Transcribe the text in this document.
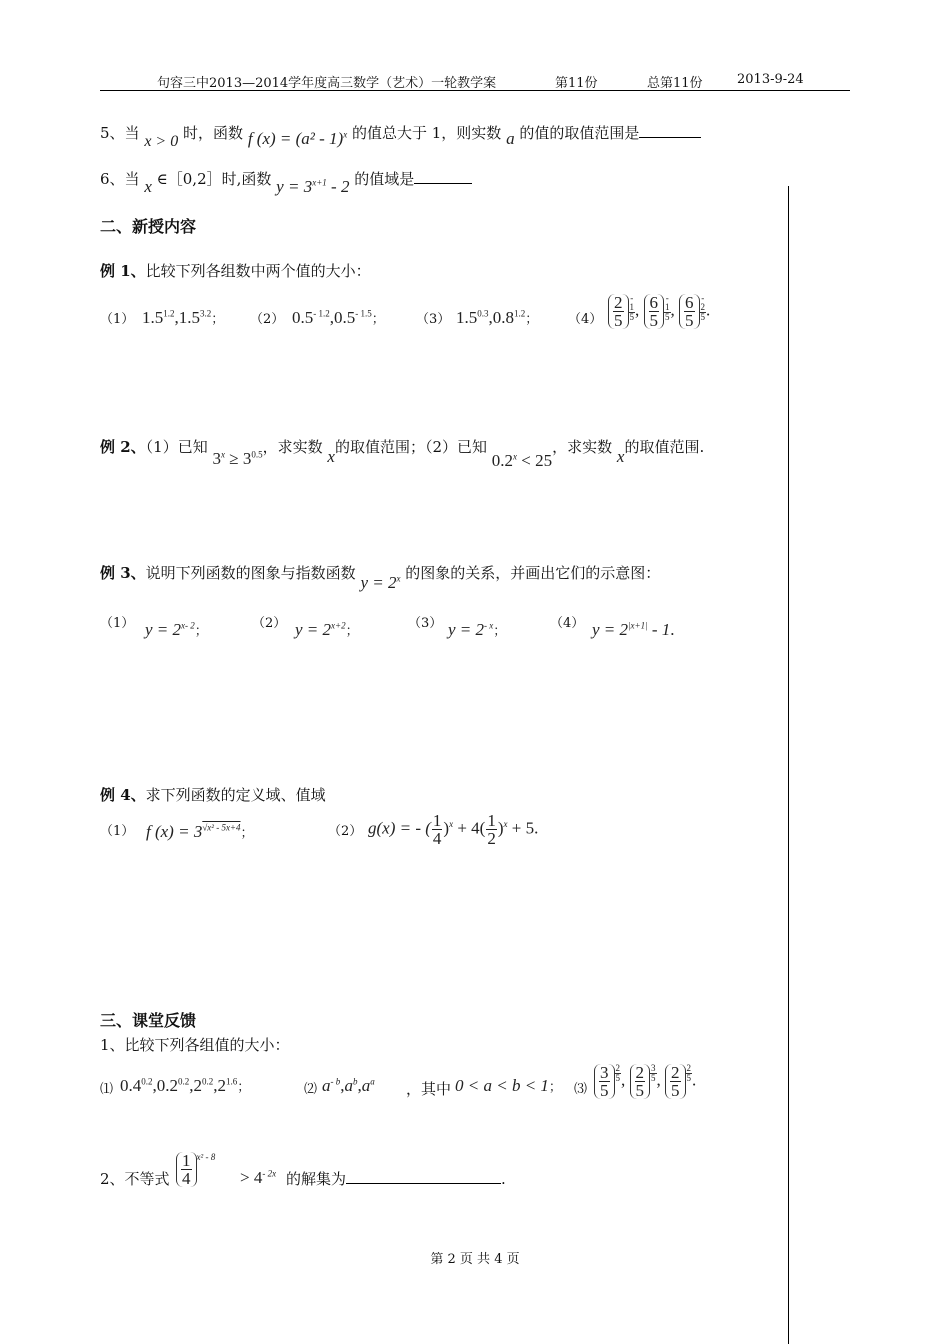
句容三中2013—2014学年度高三数学（艺术）一轮教学案	第11份	总第11份	2013-9-24
5、当 x > 0 时，函数 f (x) = (a² - 1)$^x$ 的值总大于 1，则实数 a 的值的取值范围是
6、当 x ∈［0,2］时,函数 $y = 3^{x+1} - 2$ 的值域是
二、新授内容
例 1、比较下列各组数中两个值的大小：
（1） $1.5^{1.2},1.5^{3.2}$； （2） $0.5^{- 1.2},0.5^{- 1.5}$； （3） $1.5^{0.3},0.8^{1.2}$； $(4) \frac{2}{5}$ -
1
5 , $\frac{6}{5}$ -
1
5 , $\frac{6}{5}$ -
2
5 .
例 2、（1）已知 $3^x \ge 3^{0.5}$，求实数 x的取值范围；（2）已知 $0.2^x < 25$，求实数 x的取值范围.
例 3、说明下列函数的图象与指数函数 $y = 2^x$ 的图象的关系，并画出它们的示意图：
（1） $y = 2^{x- 2}$；	（2） $y = 2^{x+2}$；	（3） $y = 2^{- x}$；	（4） $y = 2^{|x+1|} - 1$.
例 4、求下列函数的定义域、值域
（1） f $(x) = 3^{√x^2 - 5x+4}$；	（2） g(x) = - ( $\frac{1}{4} )^x + 4( \frac{1}{2} )^x + 5$.
三、课堂反馈
1、比较下列各组值的大小：
⑴ $0.4^{0.2},0.2^{0.2},2^{0.2},2^{1.6}$；	⑵ $a^{- b},a^b,a^a$ ，其中 0 < a < b < 1； ⑶ $\frac{3}{5} \frac{2}{5}$ , $\frac{2}{5} \frac{3}{5}$ , $\frac{2}{5} \frac{2}{5}$ .
2、不等式 $\frac{1}{4} ^{x^2 - 8}$
> $4^{- 2x}$ 的解集为	.
第 2 页 共 4 页
